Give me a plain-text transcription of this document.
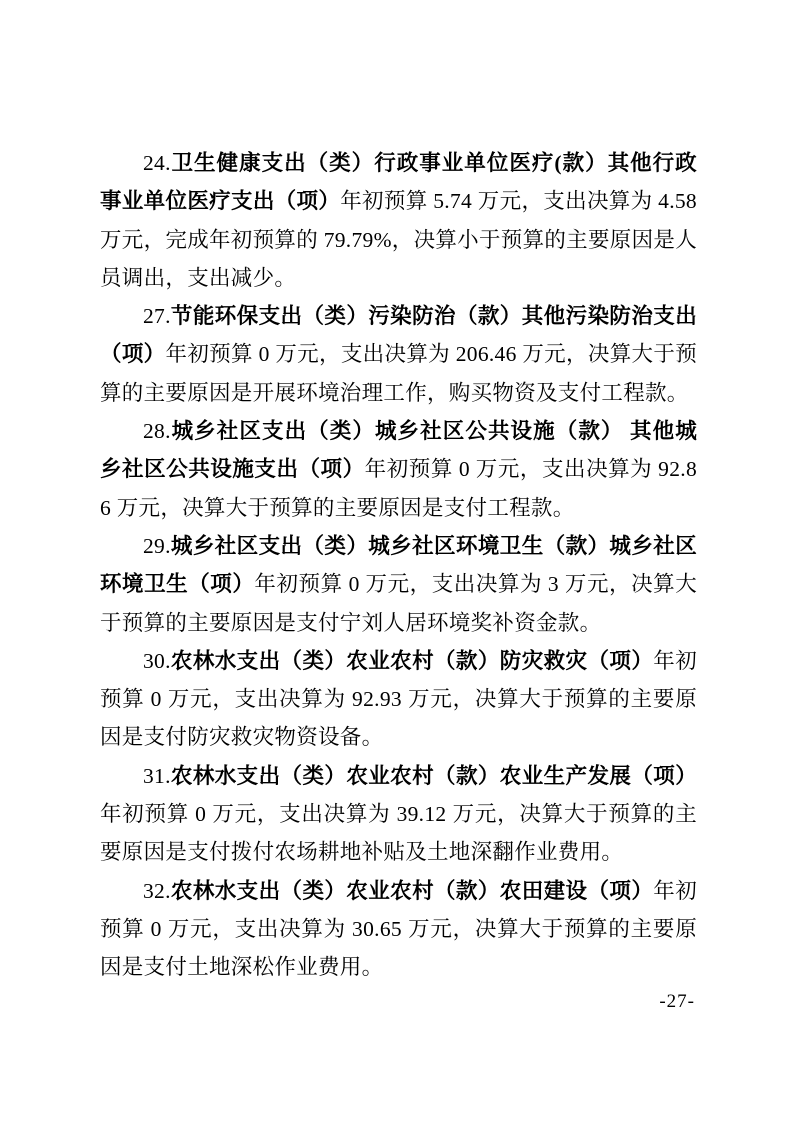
24.卫生健康支出（类）行政事业单位医疗(款）其他行政事业单位医疗支出（项）年初预算 5.74 万元，支出决算为 4.58 万元，完成年初预算的 79.79%，决算小于预算的主要原因是人员调出，支出减少。

27.节能环保支出（类）污染防治（款）其他污染防治支出（项）年初预算 0 万元，支出决算为 206.46 万元，决算大于预算的主要原因是开展环境治理工作，购买物资及支付工程款。

28.城乡社区支出（类）城乡社区公共设施（款） 其他城乡社区公共设施支出（项）年初预算 0 万元，支出决算为 92.86 万元，决算大于预算的主要原因是支付工程款。

29.城乡社区支出（类）城乡社区环境卫生（款）城乡社区环境卫生（项）年初预算 0 万元，支出决算为 3 万元，决算大于预算的主要原因是支付宁刘人居环境奖补资金款。

30.农林水支出（类）农业农村（款）防灾救灾（项）年初预算 0 万元，支出决算为 92.93 万元，决算大于预算的主要原因是支付防灾救灾物资设备。

31.农林水支出（类）农业农村（款）农业生产发展（项）年初预算 0 万元，支出决算为 39.12 万元，决算大于预算的主要原因是支付拨付农场耕地补贴及土地深翻作业费用。

32.农林水支出（类）农业农村（款）农田建设（项）年初预算 0 万元，支出决算为 30.65 万元，决算大于预算的主要原因是支付土地深松作业费用。

-27-
